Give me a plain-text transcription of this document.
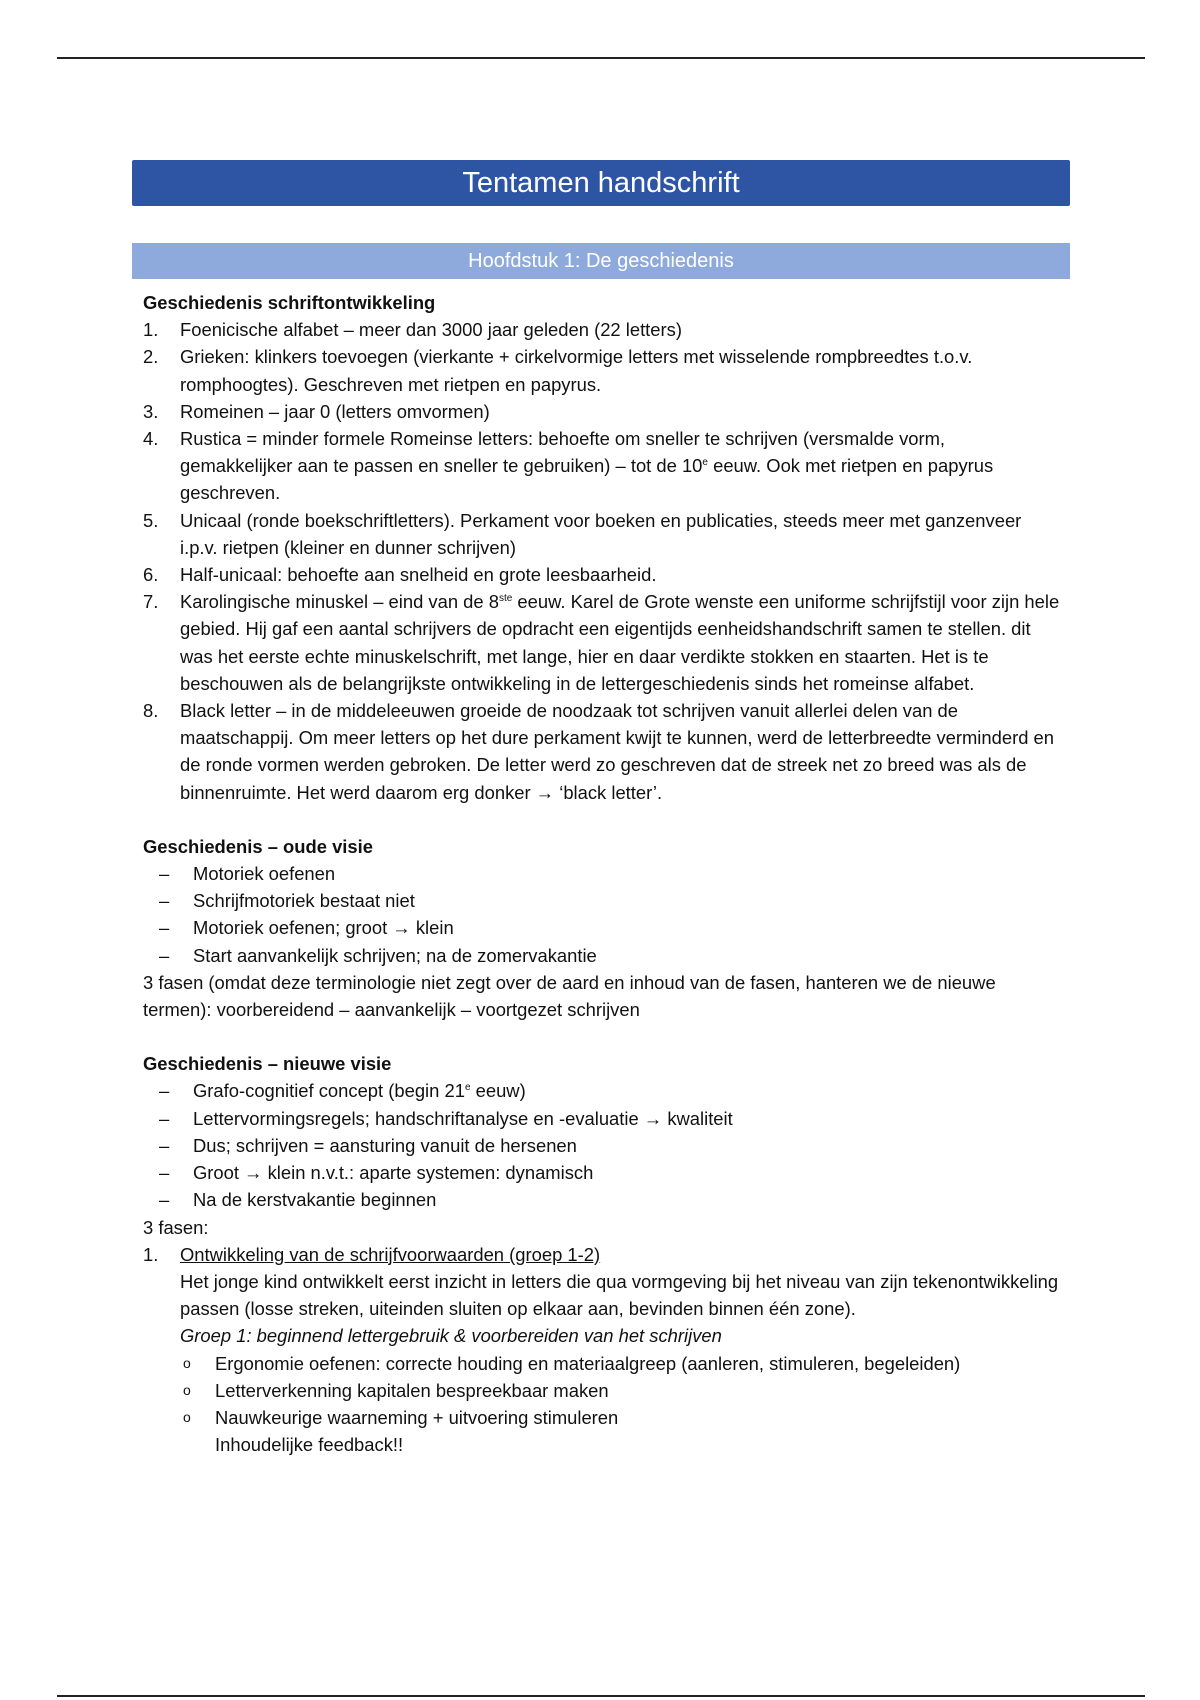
Tentamen handschrift
Hoofdstuk 1: De geschiedenis
Geschiedenis schriftontwikkeling
1. Foenicische alfabet – meer dan 3000 jaar geleden (22 letters)
2. Grieken: klinkers toevoegen (vierkante + cirkelvormige letters met wisselende rompbreedtes t.o.v. romphoogtes). Geschreven met rietpen en papyrus.
3. Romeinen – jaar 0 (letters omvormen)
4. Rustica = minder formele Romeinse letters: behoefte om sneller te schrijven (versmalde vorm, gemakkelijker aan te passen en sneller te gebruiken) – tot de 10e eeuw. Ook met rietpen en papyrus geschreven.
5. Unicaal (ronde boekschriftletters). Perkament voor boeken en publicaties, steeds meer met ganzenveer i.p.v. rietpen (kleiner en dunner schrijven)
6. Half-unicaal: behoefte aan snelheid en grote leesbaarheid.
7. Karolingische minuskel – eind van de 8ste eeuw. Karel de Grote wenste een uniforme schrijfstijl voor zijn hele gebied. Hij gaf een aantal schrijvers de opdracht een eigentijds eenheidshandschrift samen te stellen. dit was het eerste echte minuskelschrift, met lange, hier en daar verdikte stokken en staarten. Het is te beschouwen als de belangrijkste ontwikkeling in de lettergeschiedenis sinds het romeinse alfabet.
8. Black letter – in de middeleeuwen groeide de noodzaak tot schrijven vanuit allerlei delen van de maatschappij. Om meer letters op het dure perkament kwijt te kunnen, werd de letterbreedte verminderd en de ronde vormen werden gebroken. De letter werd zo geschreven dat de streek net zo breed was als de binnenruimte. Het werd daarom erg donker → ‘black letter’.
Geschiedenis – oude visie
– Motoriek oefenen
– Schrijfmotoriek bestaat niet
– Motoriek oefenen; groot → klein
– Start aanvankelijk schrijven; na de zomervakantie
3 fasen (omdat deze terminologie niet zegt over de aard en inhoud van de fasen, hanteren we de nieuwe termen): voorbereidend – aanvankelijk – voortgezet schrijven
Geschiedenis – nieuwe visie
– Grafo-cognitief concept (begin 21e eeuw)
– Lettervormingsregels; handschriftanalyse en -evaluatie → kwaliteit
– Dus; schrijven = aansturing vanuit de hersenen
– Groot → klein n.v.t.: aparte systemen: dynamisch
– Na de kerstvakantie beginnen
3 fasen:
1. Ontwikkeling van de schrijfvoorwaarden (groep 1-2)
Het jonge kind ontwikkelt eerst inzicht in letters die qua vormgeving bij het niveau van zijn tekenontwikkeling passen (losse streken, uiteinden sluiten op elkaar aan, bevinden binnen één zone).
Groep 1: beginnend lettergebruik & voorbereiden van het schrijven
o Ergonomie oefenen: correcte houding en materiaalgreep (aanleren, stimuleren, begeleiden)
o Letterverkenning kapitalen bespreekbaar maken
o Nauwkeurige waarneming + uitvoering stimuleren
Inhoudelijke feedback!!
